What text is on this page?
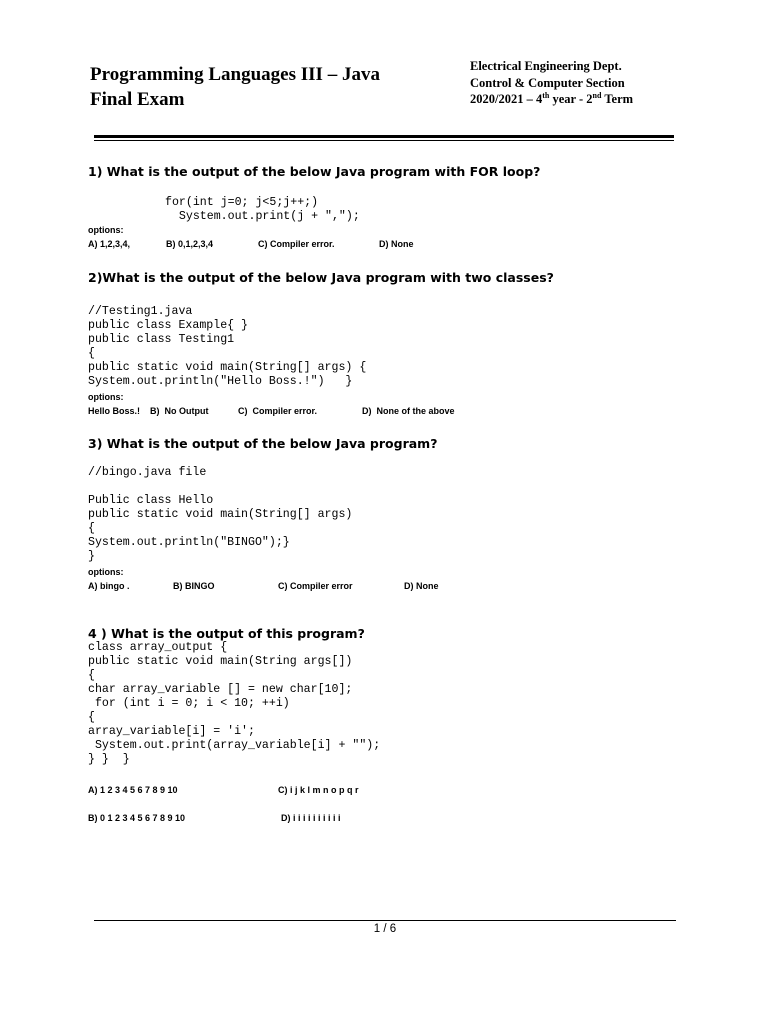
Programming Languages III – Java
Final Exam
Electrical Engineering Dept.
Control & Computer Section
2020/2021 – 4th year - 2nd Term
1) What is the output of the below Java program with FOR loop?
for(int j=0; j<5;j++;)
System.out.print(j + ",");
options:
A) 1,2,3,4,	B) 0,1,2,3,4	C) Compiler error.	D) None
2)What is the output of the below Java program with two classes?
//Testing1.java
public class Example{ }
public class Testing1
{
public static void main(String[] args) {
System.out.println("Hello Boss.!")   }
options:
Hello Boss.! B)  No Output	C)  Compiler error.	D)  None of the above
3) What is the output of the below Java program?
//bingo.java file

Public class Hello
public static void main(String[] args)
{
System.out.println("BINGO");}
}
options:
A) bingo .	B) BINGO	C) Compiler error	D) None
4 ) What is the output of this program?
class array_output {
public static void main(String args[])
{
char array_variable [] = new char[10];
for (int i = 0; i < 10; ++i)
{
array_variable[i] = 'i';
System.out.print(array_variable[i] + "");
} }  }
A) 1 2 3 4 5 6 7 8 9 10	C) i j k l m n o p q r
B) 0 1 2 3 4 5 6 7 8 9 10	D) i i i i i i i i i i
1 / 6
